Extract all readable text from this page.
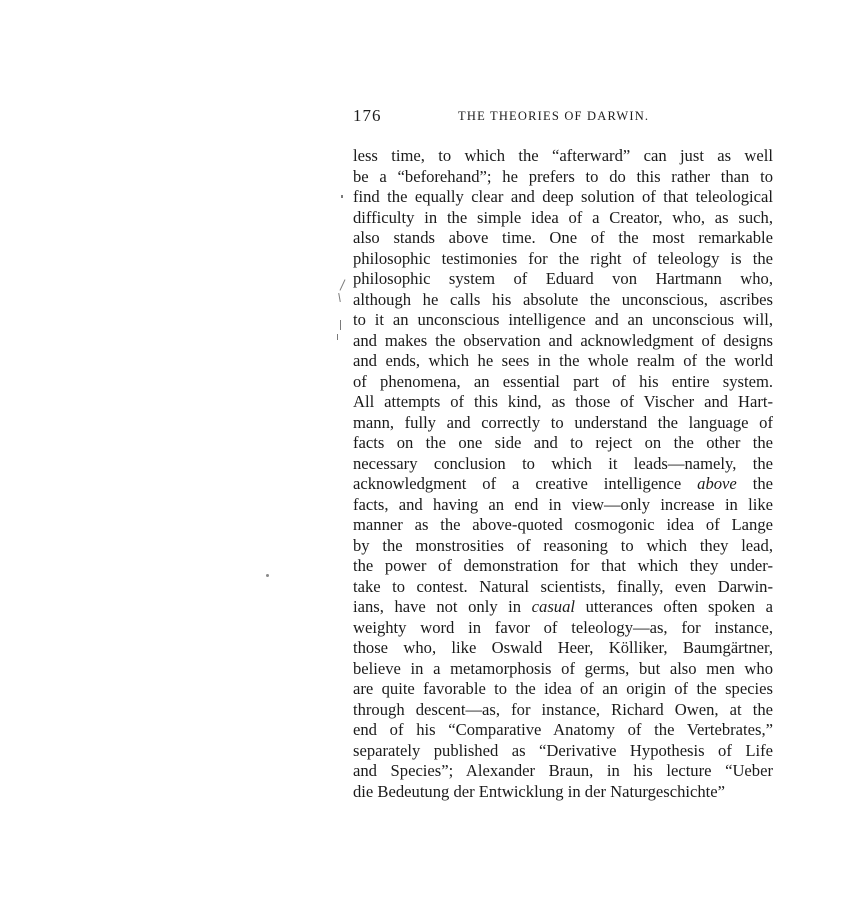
176	THE THEORIES OF DARWIN.
less time, to which the “afterward” can just as well
be a “beforehand”; he prefers to do this rather than to
find the equally clear and deep solution of that teleological
difficulty in the simple idea of a Creator, who, as such,
also stands above time. One of the most remarkable
philosophic testimonies for the right of teleology is the
philosophic system of Eduard von Hartmann who,
although he calls his absolute the unconscious, ascribes
to it an unconscious intelligence and an unconscious will,
and makes the observation and acknowledgment of designs
and ends, which he sees in the whole realm of the world
of phenomena, an essential part of his entire system.
All attempts of this kind, as those of Vischer and Hart-
mann, fully and correctly to understand the language of
facts on the one side and to reject on the other the
necessary conclusion to which it leads—namely, the
acknowledgment of a creative intelligence above the
facts, and having an end in view—only increase in like
manner as the above-quoted cosmogonic idea of Lange
by the monstrosities of reasoning to which they lead,
the power of demonstration for that which they under-
take to contest. Natural scientists, finally, even Darwin-
ians, have not only in casual utterances often spoken a
weighty word in favor of teleology—as, for instance,
those who, like Oswald Heer, Kölliker, Baumgärtner,
believe in a metamorphosis of germs, but also men who
are quite favorable to the idea of an origin of the species
through descent—as, for instance, Richard Owen, at the
end of his “Comparative Anatomy of the Vertebrates,”
separately published as “Derivative Hypothesis of Life
and Species”; Alexander Braun, in his lecture “Ueber
die Bedeutung der Entwicklung in der Naturgeschichte”
